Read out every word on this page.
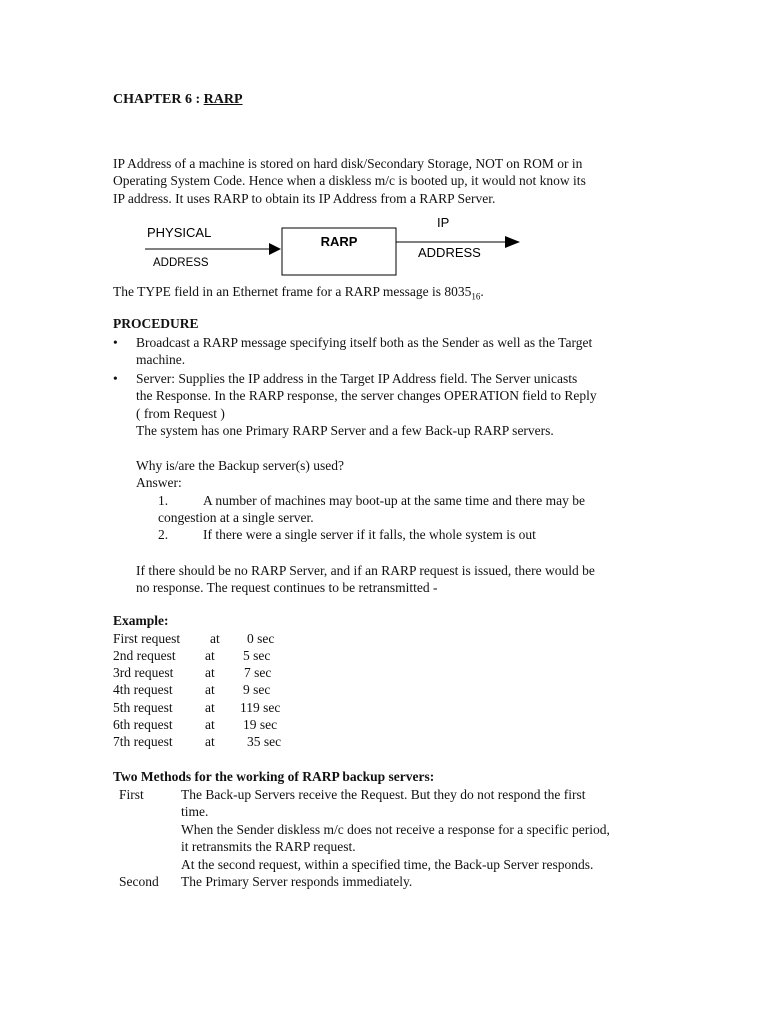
CHAPTER 6 : RARP
IP Address of a machine is stored on hard disk/Secondary Storage, NOT on ROM or in
Operating System Code. Hence when a diskless m/c is booted up, it would not know its
IP address. It uses RARP to obtain its IP Address from a RARP Server.
PHYSICAL
ADDRESS
RARP
IP
ADDRESS
The TYPE field in an Ethernet frame for a RARP message is $8035_{16}$.
PROCEDURE
• Broadcast a RARP message specifying itself both as the Sender as well as the Target
machine.
• Server: Supplies the IP address in the Target IP Address field. The Server unicasts
the Response. In the RARP response, the server changes OPERATION field to Reply
( from Request )
The system has one Primary RARP Server and a few Back-up RARP servers.
Why is/are the Backup server(s) used?
Answer:
1.	A number of machines may boot-up at the same time and there may be
congestion at a single server.
2.	If there were a single server if it falls, the whole system is out
If there should be no RARP Server, and if an RARP request is issued, there would be
no response. The request continues to be retransmitted -
Example:
First request at 0 sec
2nd request at 5 sec
3rd request at 7 sec
4th request at 9 sec
5th request at 119 sec
6th request at 19 sec
7th request at 35 sec
Two Methods for the working of RARP backup servers:
First	The Back-up Servers receive the Request. But they do not respond the first
time.
When the Sender diskless m/c does not receive a response for a specific period,
it retransmits the RARP request.
At the second request, within a specified time, the Back-up Server responds.
Second The Primary Server responds immediately.
